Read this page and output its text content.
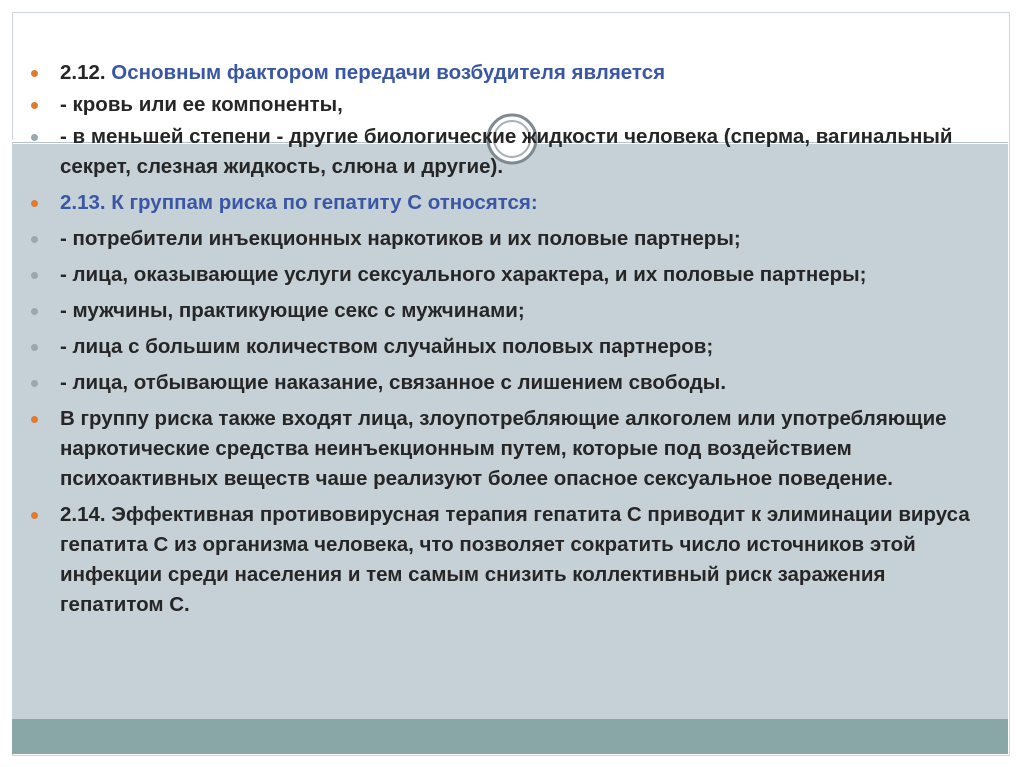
2.12. Основным фактором передачи возбудителя является
- кровь или ее компоненты,
- в меньшей степени - другие биологические жидкости человека (сперма, вагинальный секрет, слезная жидкость, слюна и другие).
2.13. К группам риска по гепатиту С относятся:
- потребители инъекционных наркотиков и их половые партнеры;
- лица, оказывающие услуги сексуального характера, и их половые партнеры;
- мужчины, практикующие секс с мужчинами;
- лица с большим количеством случайных половых партнеров;
- лица, отбывающие наказание, связанное с лишением свободы.
В группу риска также входят лица, злоупотребляющие алкоголем или употребляющие наркотические средства неинъекционным путем, которые под воздействием психоактивных веществ чаше реализуют более опасное сексуальное поведение.
2.14. Эффективная противовирусная терапия гепатита С приводит к элиминации вируса гепатита С из организма человека, что позволяет сократить число источников этой инфекции среди населения и тем самым снизить коллективный риск заражения гепатитом С.
